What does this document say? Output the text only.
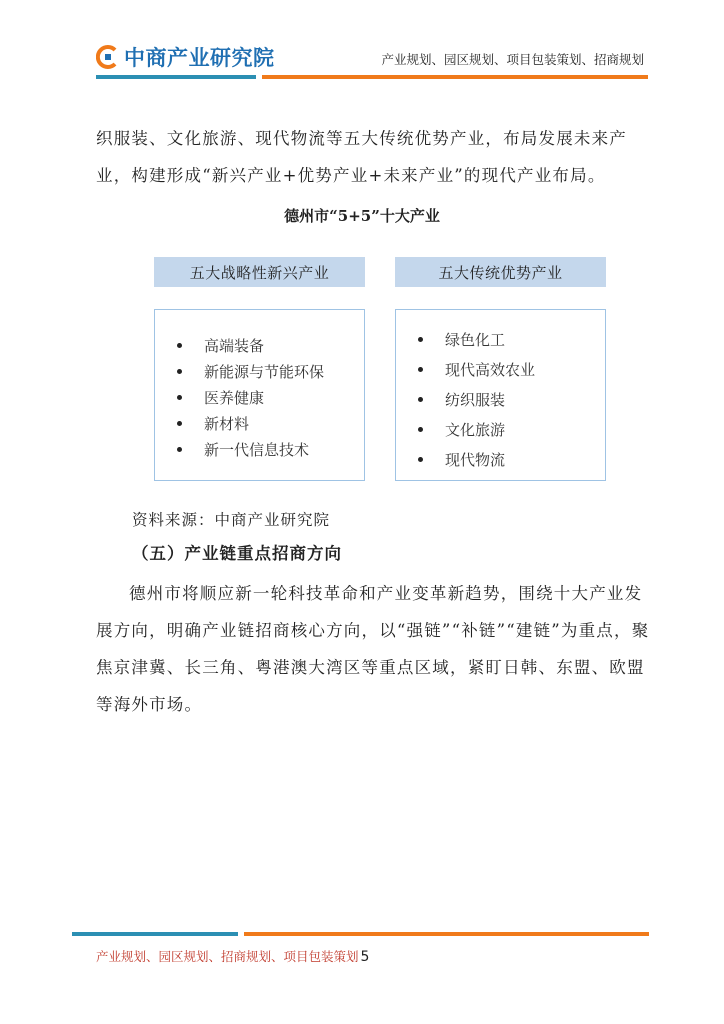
中商产业研究院	产业规划、园区规划、项目包装策划、招商规划
织服装、文化旅游、现代物流等五大传统优势产业，布局发展未来产业，构建形成“新兴产业+优势产业+未来产业”的现代产业布局。
德州市“5+5”十大产业
五大战略性新兴产业	五大传统优势产业
高端装备
新能源与节能环保
医养健康
新材料
新一代信息技术
绿色化工
现代高效农业
纺织服装
文化旅游
现代物流
资料来源：中商产业研究院
（五）产业链重点招商方向
德州市将顺应新一轮科技革命和产业变革新趋势，围绕十大产业发展方向，明确产业链招商核心方向，以“强链”“补链”“建链”为重点，聚焦京津冀、长三角、粤港澳大湾区等重点区域，紧盯日韩、东盟、欧盟等海外市场。
产业规划、园区规划、招商规划、项目包装策划 5
